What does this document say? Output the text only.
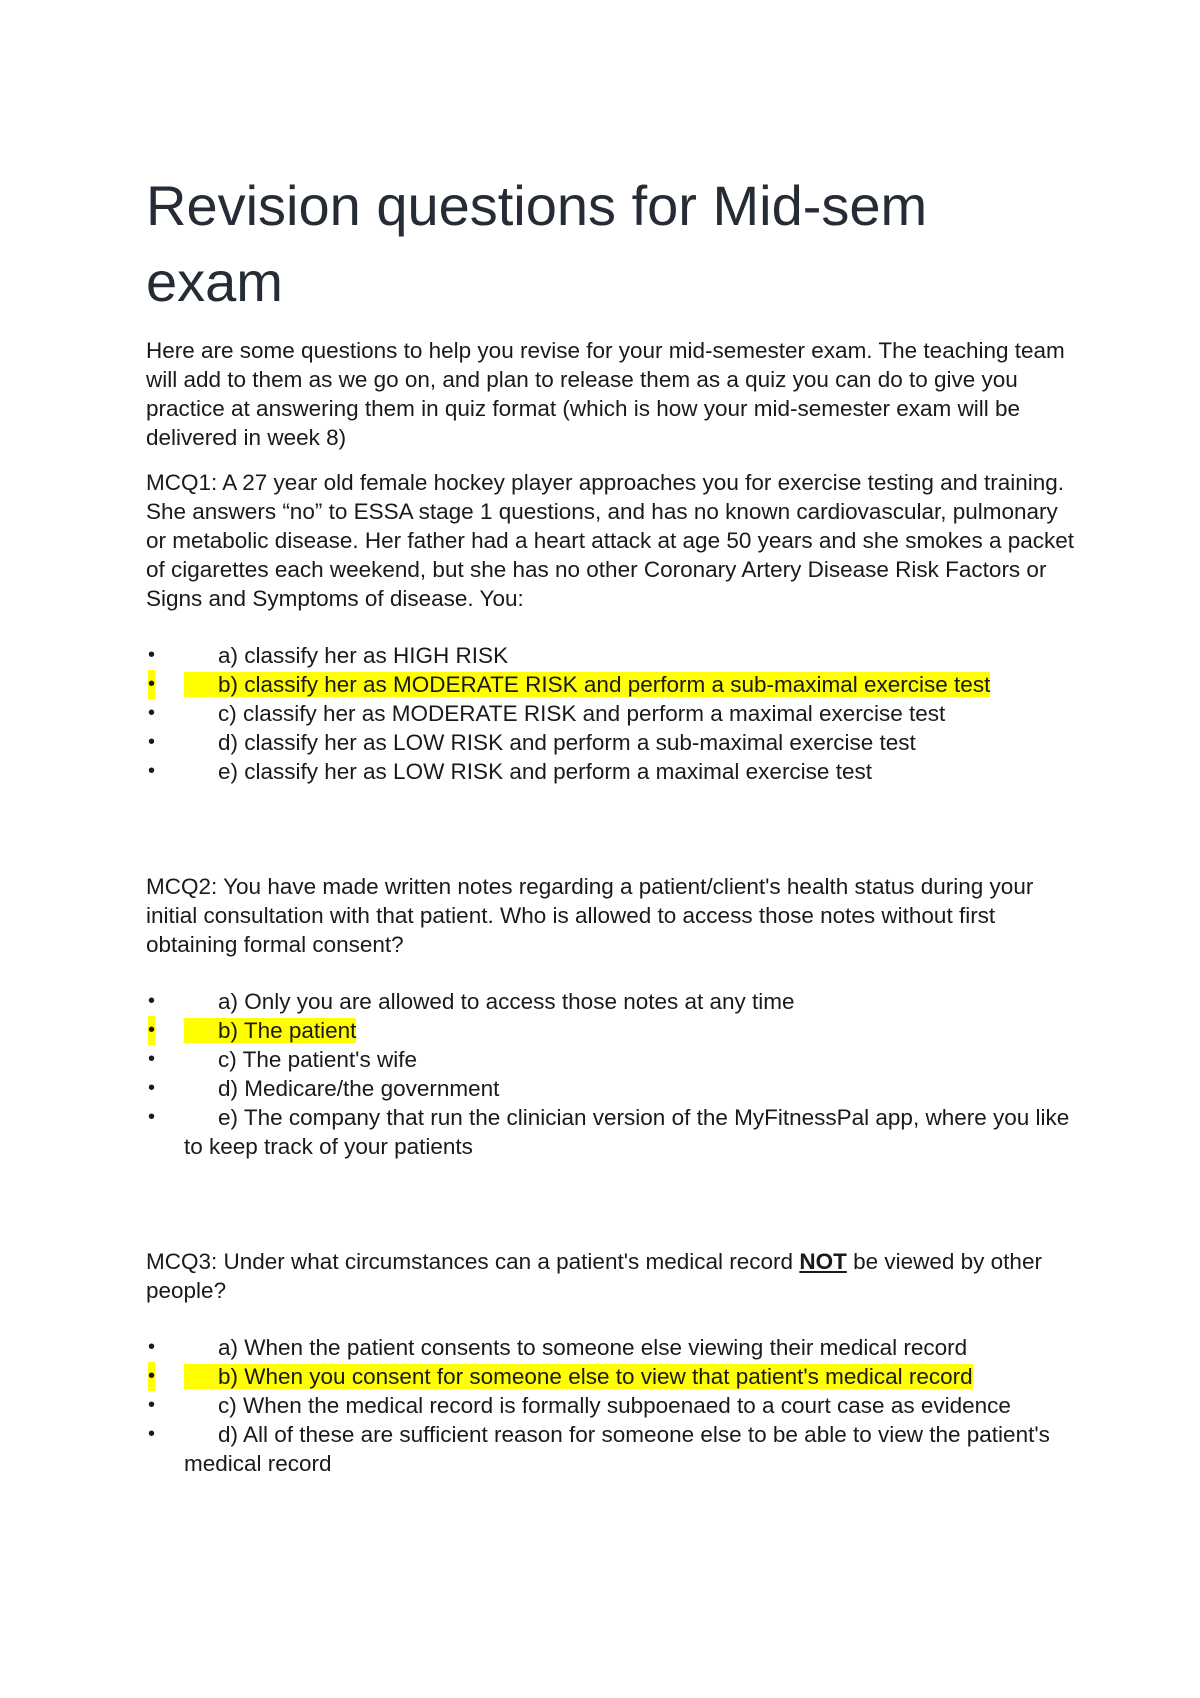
Revision questions for Mid-sem exam

Here are some questions to help you revise for your mid-semester exam. The teaching team will add to them as we go on, and plan to release them as a quiz you can do to give you practice at answering them in quiz format (which is how your mid-semester exam will be delivered in week 8)

MCQ1: A 27 year old female hockey player approaches you for exercise testing and training. She answers “no” to ESSA stage 1 questions, and has no known cardiovascular, pulmonary or metabolic disease. Her father had a heart attack at age 50 years and she smokes a packet of cigarettes each weekend, but she has no other Coronary Artery Disease Risk Factors or Signs and Symptoms of disease. You:

•	a) classify her as HIGH RISK
•	b) classify her as MODERATE RISK and perform a sub-maximal exercise test
•	c) classify her as MODERATE RISK and perform a maximal exercise test
•	d) classify her as LOW RISK and perform a sub-maximal exercise test
•	e) classify her as LOW RISK and perform a maximal exercise test

MCQ2: You have made written notes regarding a patient/client's health status during your initial consultation with that patient. Who is allowed to access those notes without first obtaining formal consent?

•	a) Only you are allowed to access those notes at any time
•	b) The patient
•	c) The patient's wife
•	d) Medicare/the government
•	e) The company that run the clinician version of the MyFitnessPal app, where you like to keep track of your patients

MCQ3: Under what circumstances can a patient's medical record NOT be viewed by other people?

•	a) When the patient consents to someone else viewing their medical record
•	b) When you consent for someone else to view that patient's medical record
•	c) When the medical record is formally subpoenaed to a court case as evidence
•	d) All of these are sufficient reason for someone else to be able to view the patient's medical record
